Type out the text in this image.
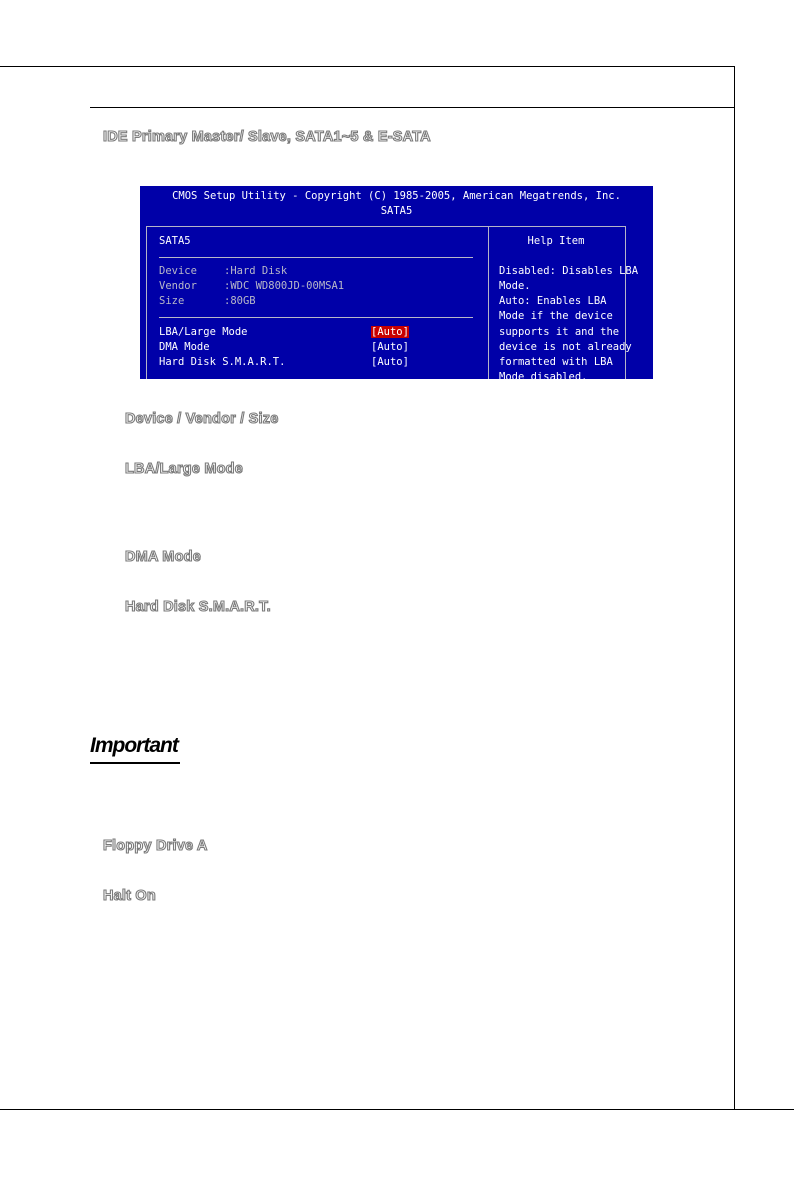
IDE Primary Master/ Slave, SATA1~5 & E-SATA
CMOS Setup Utility - Copyright (C) 1985-2005, American Megatrends, Inc.
SATA5
SATA5
Device	:Hard Disk
Vendor	:WDC WD800JD-00MSA1
Size	:80GB
LBA/Large Mode	[Auto]
DMA Mode	[Auto]
Hard Disk S.M.A.R.T.	[Auto]
Help Item
Disabled: Disables LBA
Mode.
Auto: Enables LBA
Mode if the device
supports it and the
device is not already
formatted with LBA
Mode disabled.
Device / Vendor / Size
LBA/Large Mode
DMA Mode
Hard Disk S.M.A.R.T.
Important
Floppy Drive A
Halt On
